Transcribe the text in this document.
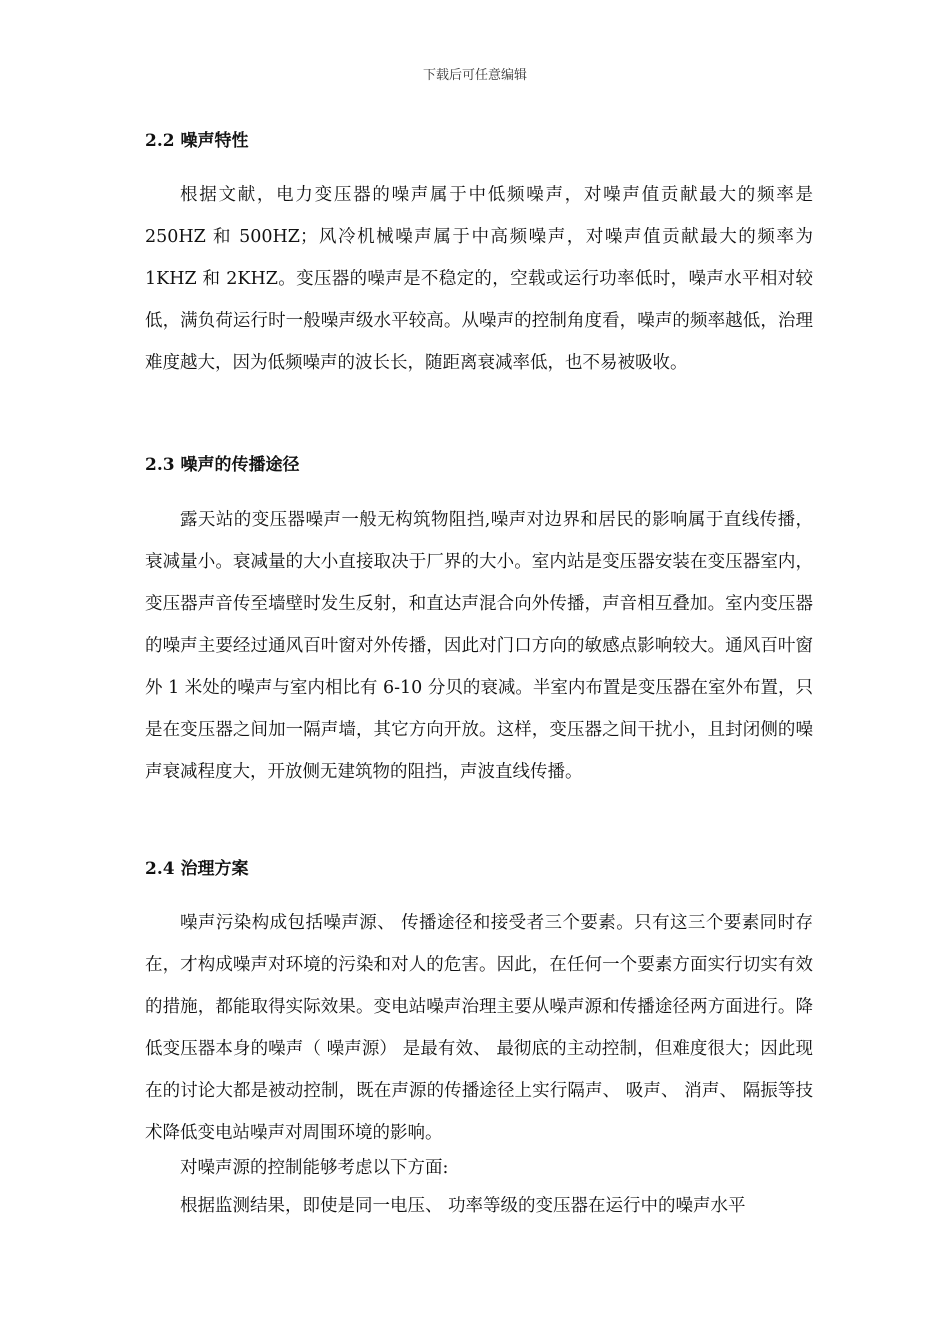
下载后可任意编辑
2.2 噪声特性
根据文献，电力变压器的噪声属于中低频噪声，对噪声值贡献最大的频率是 250HZ 和 500HZ；风冷机械噪声属于中高频噪声，对噪声值贡献最大的频率为 1KHZ 和 2KHZ。变压器的噪声是不稳定的，空载或运行功率低时，噪声水平相对较低，满负荷运行时一般噪声级水平较高。从噪声的控制角度看，噪声的频率越低，治理难度越大，因为低频噪声的波长长，随距离衰减率低，也不易被吸收。
2.3 噪声的传播途径
露天站的变压器噪声一般无构筑物阻挡,噪声对边界和居民的影响属于直线传播，衰减量小。衰减量的大小直接取决于厂界的大小。室内站是变压器安装在变压器室内，变压器声音传至墙壁时发生反射，和直达声混合向外传播，声音相互叠加。室内变压器的噪声主要经过通风百叶窗对外传播，因此对门口方向的敏感点影响较大。通风百叶窗外 1 米处的噪声与室内相比有 6-10 分贝的衰减。半室内布置是变压器在室外布置，只是在变压器之间加一隔声墙，其它方向开放。这样，变压器之间干扰小，且封闭侧的噪声衰减程度大，开放侧无建筑物的阻挡，声波直线传播。
2.4 治理方案
噪声污染构成包括噪声源、 传播途径和接受者三个要素。只有这三个要素同时存在，才构成噪声对环境的污染和对人的危害。因此，在任何一个要素方面实行切实有效的措施，都能取得实际效果。变电站噪声治理主要从噪声源和传播途径两方面进行。降低变压器本身的噪声（ 噪声源） 是最有效、 最彻底的主动控制，但难度很大；因此现在的讨论大都是被动控制，既在声源的传播途径上实行隔声、 吸声、 消声、 隔振等技术降低变电站噪声对周围环境的影响。
对噪声源的控制能够考虑以下方面:
根据监测结果，即使是同一电压、 功率等级的变压器在运行中的噪声水平
